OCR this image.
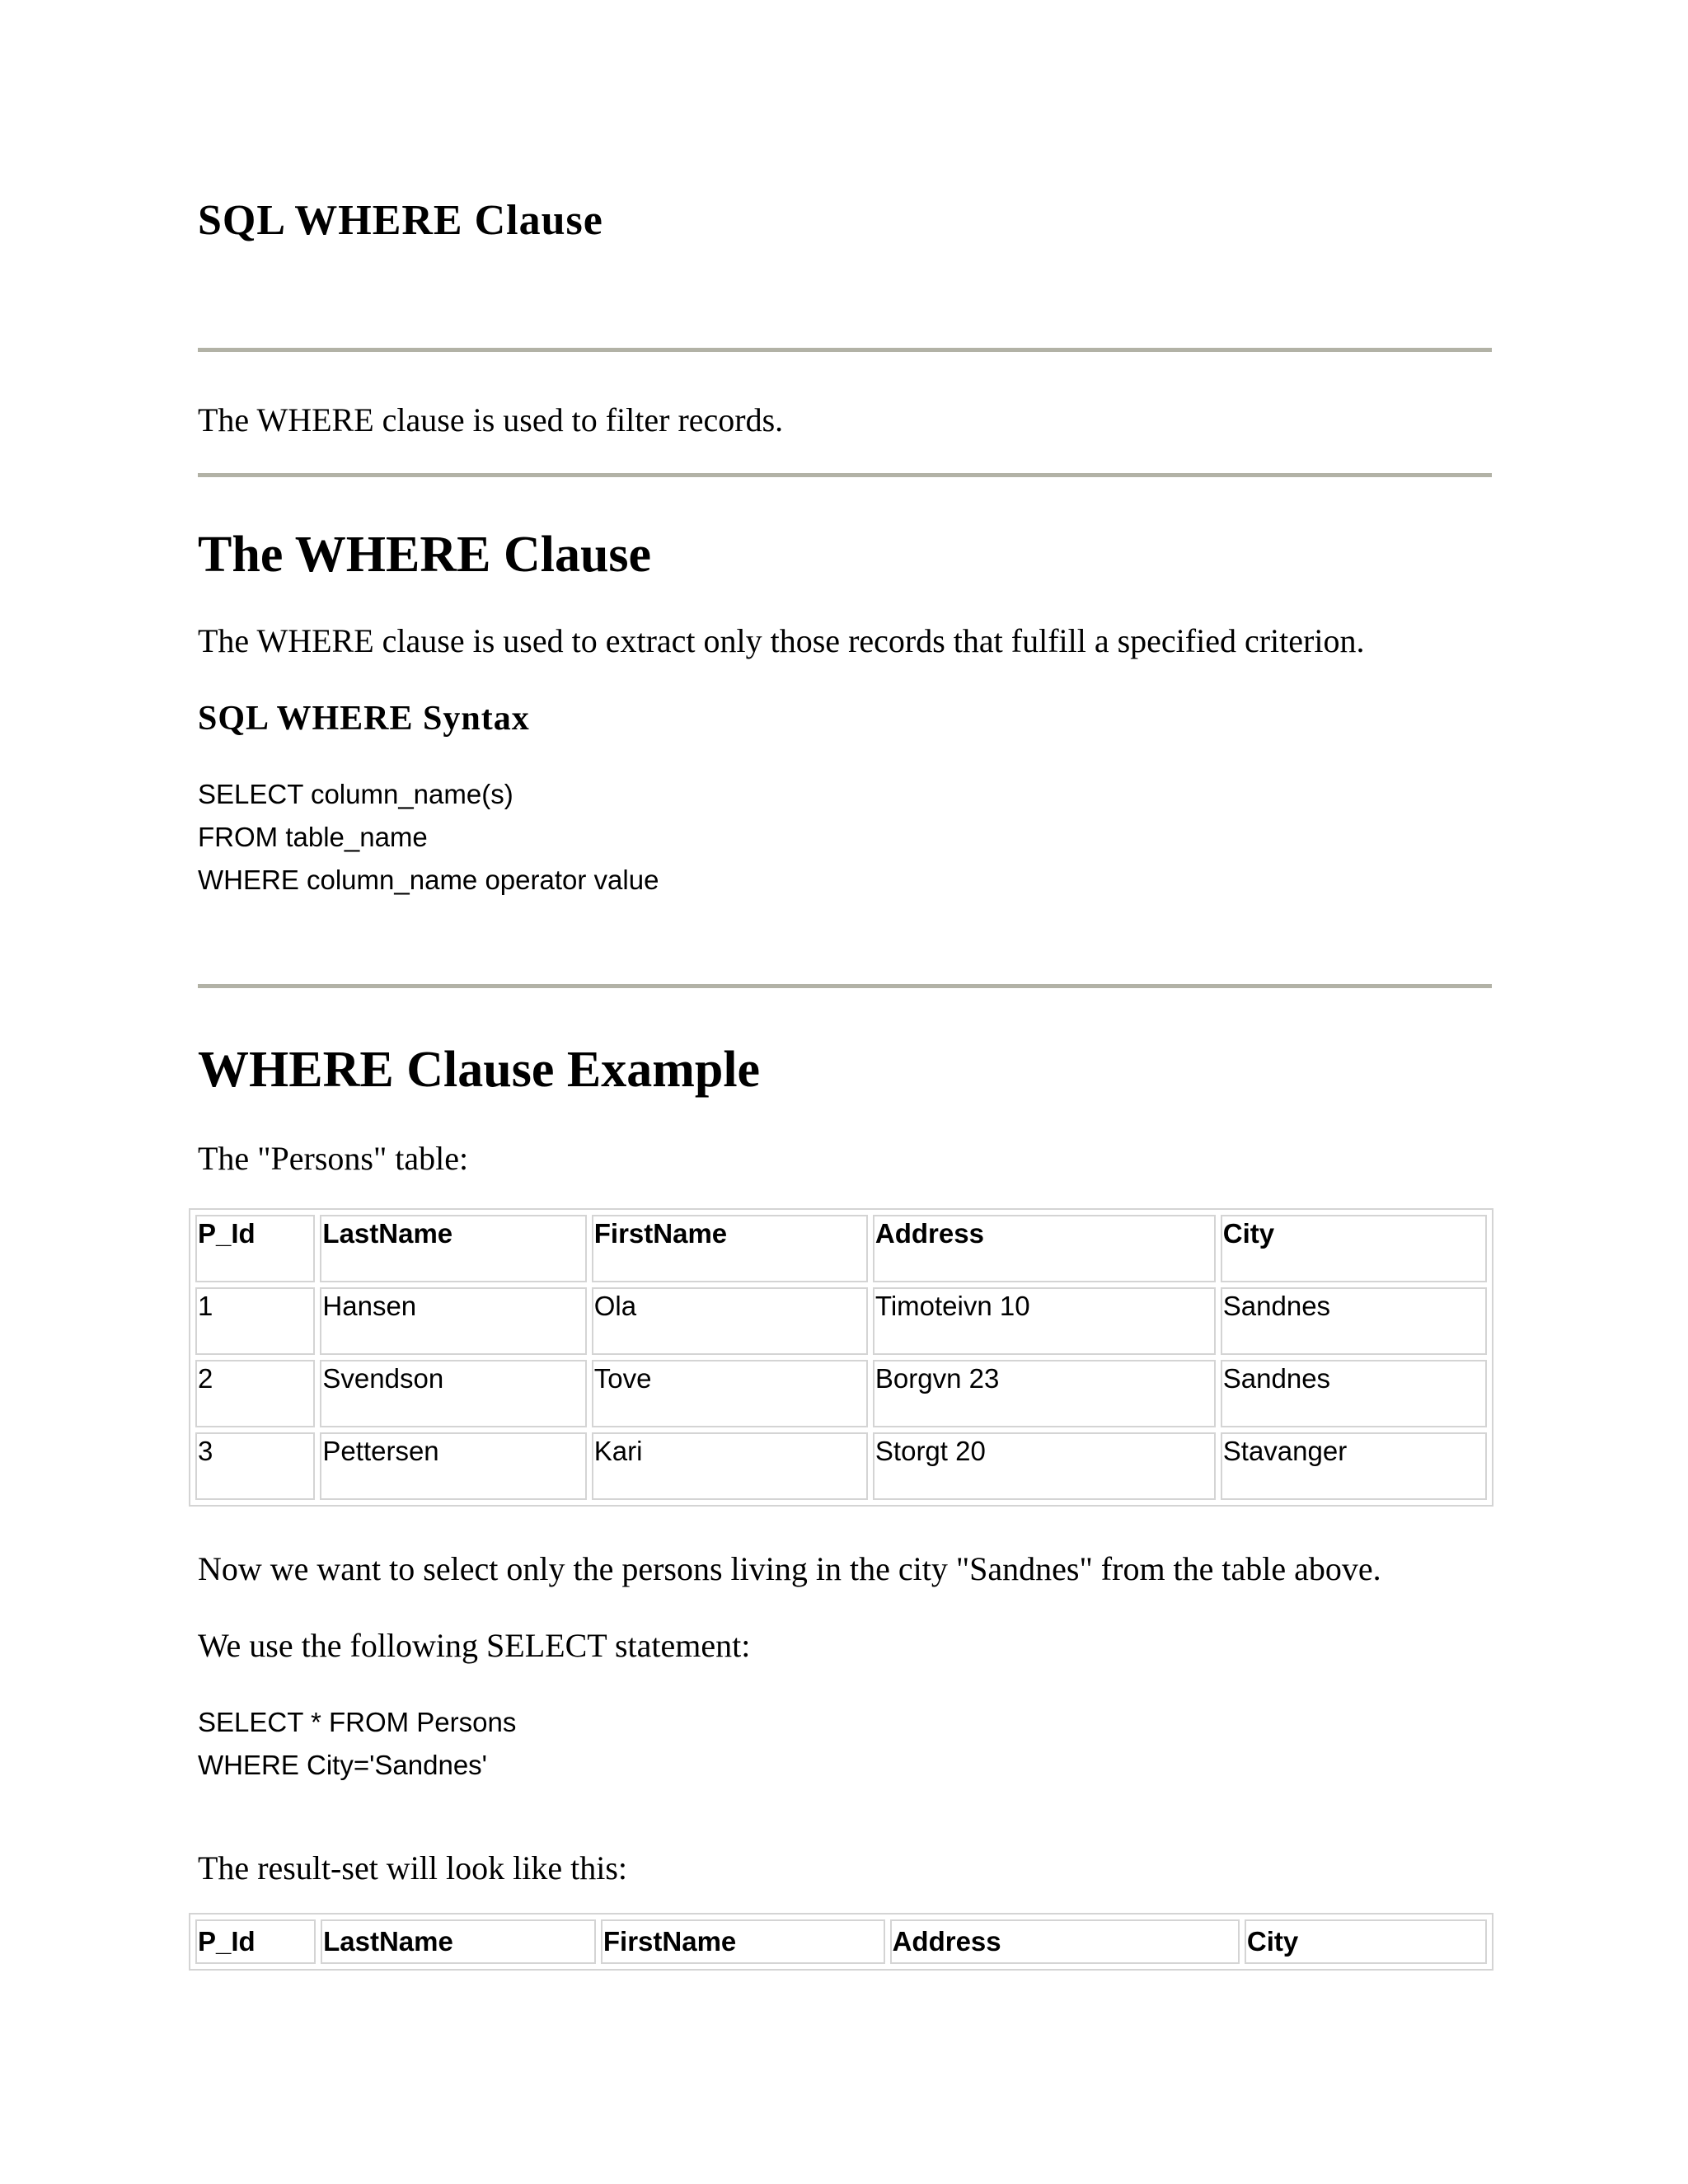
SQL WHERE Clause

The WHERE clause is used to filter records.

The WHERE Clause

The WHERE clause is used to extract only those records that fulfill a specified criterion.

SQL WHERE Syntax
SELECT column_name(s)
FROM table_name
WHERE column_name operator value
WHERE Clause Example

The "Persons" table:

P_Id	LastName	FirstName	Address	City
1	Hansen	Ola	Timoteivn 10	Sandnes
2	Svendson	Tove	Borgvn 23	Sandnes
3	Pettersen	Kari	Storgt 20	Stavanger

Now we want to select only the persons living in the city "Sandnes" from the table above.

We use the following SELECT statement:

SELECT * FROM Persons
WHERE City='Sandnes'

The result-set will look like this:

P_Id	LastName	FirstName	Address	City
